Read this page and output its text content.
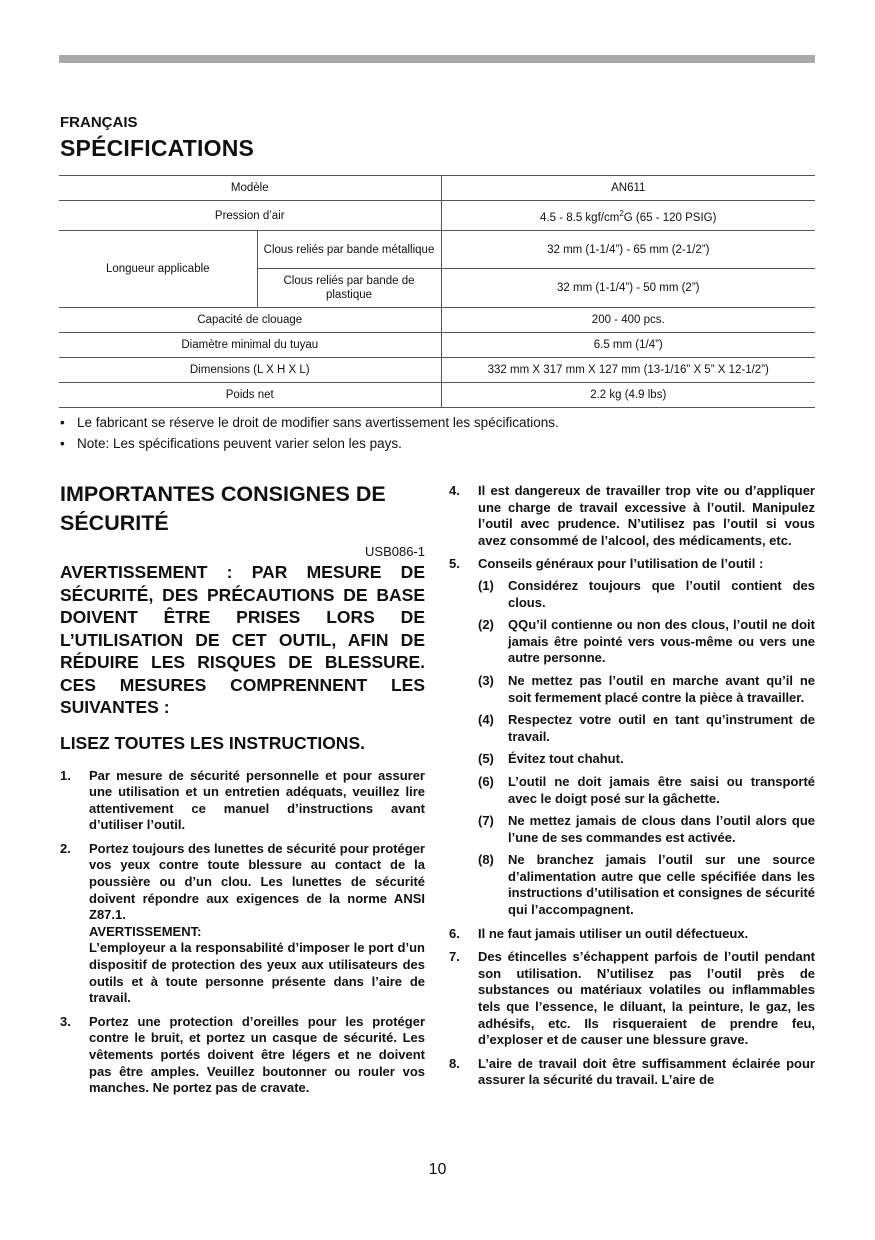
FRANÇAIS
SPÉCIFICATIONS
Modèle		AN611
Pression d’air		4.5 - 8.5 kgf/$cm^2G$ (65 - 120 PSIG)
Longueur applicable	Clous reliés par bande métallique	32 mm (1-1/4”) - 65 mm (2-1/2”)
	Clous reliés par bande de plastique	32 mm (1-1/4”) - 50 mm (2”)
Capacité de clouage		200 - 400 pcs.
Diamètre minimal du tuyau		6.5 mm (1/4”)
Dimensions (L X H X L)		332 mm X 317 mm X 127 mm (13-1/16” X 5” X 12-1/2”)
Poids net		2.2 kg (4.9 lbs)
• Le fabricant se réserve le droit de modifier sans avertissement les spécifications.
• Note: Les spécifications peuvent varier selon les pays.
IMPORTANTES CONSIGNES DE
SÉCURITÉ
USB086-1
AVERTISSEMENT : PAR MESURE DE SÉCURITÉ, DES PRÉCAUTIONS DE BASE DOIVENT ÊTRE PRISES LORS DE L’UTILISATION DE CET OUTIL, AFIN DE RÉDUIRE LES RISQUES DE BLESSURE. CES MESURES COMPRENNENT LES SUIVANTES :
LISEZ TOUTES LES INSTRUCTIONS.
1. Par mesure de sécurité personnelle et pour assurer une utilisation et un entretien adéquats, veuillez lire attentivement ce manuel d’instructions avant d’utiliser l’outil.
2. Portez toujours des lunettes de sécurité pour protéger vos yeux contre toute blessure au contact de la poussière ou d’un clou. Les lunettes de sécurité doivent répondre aux exigences de la norme ANSI Z87.1.
AVERTISSEMENT:
L’employeur a la responsabilité d’imposer le port d’un dispositif de protection des yeux aux utilisateurs des outils et à toute personne présente dans l’aire de travail.
3. Portez une protection d’oreilles pour les protéger contre le bruit, et portez un casque de sécurité. Les vêtements portés doivent être légers et ne doivent pas être amples. Veuillez boutonner ou rouler vos manches. Ne portez pas de cravate.
4. Il est dangereux de travailler trop vite ou d’appliquer une charge de travail excessive à l’outil. Manipulez l’outil avec prudence. N’utilisez pas l’outil si vous avez consommé de l’alcool, des médicaments, etc.
5. Conseils généraux pour l’utilisation de l’outil :
(1) Considérez toujours que l’outil contient des clous.
(2) QQu’il contienne ou non des clous, l’outil ne doit jamais être pointé vers vous-même ou vers une autre personne.
(3) Ne mettez pas l’outil en marche avant qu’il ne soit fermement placé contre la pièce à travailler.
(4) Respectez votre outil en tant qu’instrument de travail.
(5) Évitez tout chahut.
(6) L’outil ne doit jamais être saisi ou transporté avec le doigt posé sur la gâchette.
(7) Ne mettez jamais de clous dans l’outil alors que l’une de ses commandes est activée.
(8) Ne branchez jamais l’outil sur une source d’alimentation autre que celle spécifiée dans les instructions d’utilisation et consignes de sécurité qui l’accompagnent.
6. Il ne faut jamais utiliser un outil défectueux.
7. Des étincelles s’échappent parfois de l’outil pendant son utilisation. N’utilisez pas l’outil près de substances ou matériaux volatiles ou inflammables tels que l’essence, le diluant, la peinture, le gaz, les adhésifs, etc. Ils risqueraient de prendre feu, d’exploser et de causer une blessure grave.
8. L’aire de travail doit être suffisamment éclairée pour assurer la sécurité du travail. L’aire de
10
